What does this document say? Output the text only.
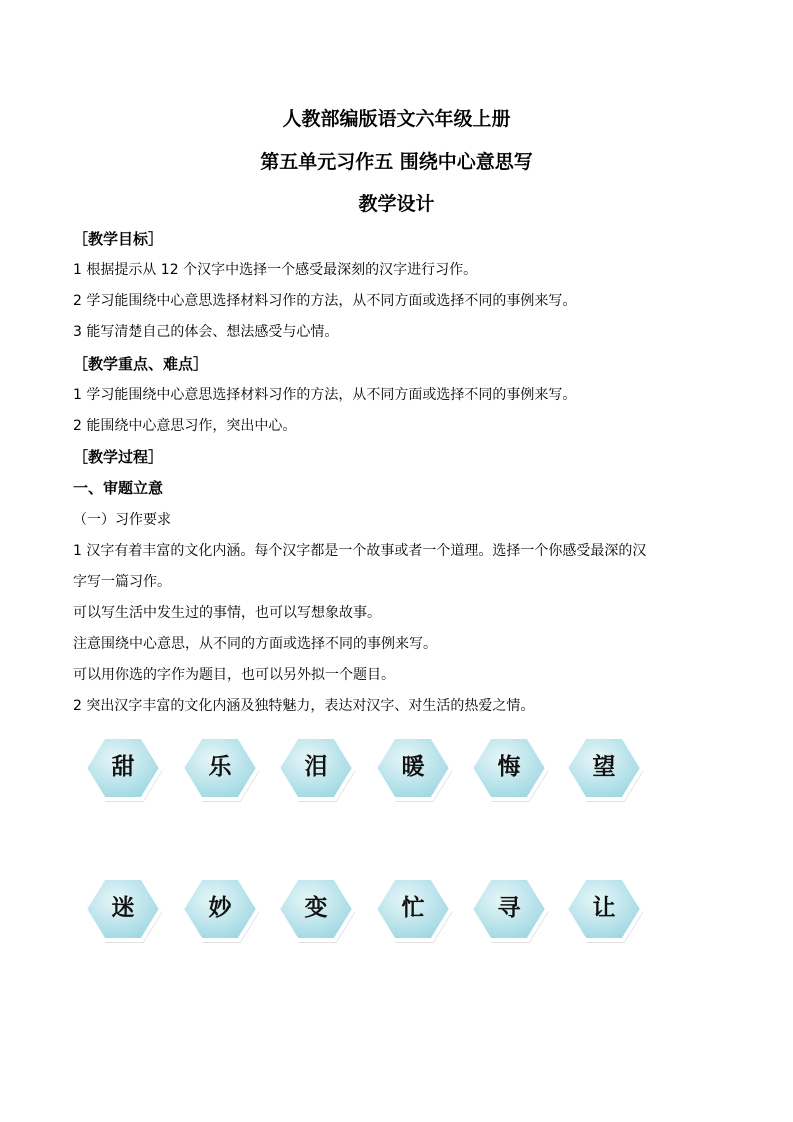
人教部编版语文六年级上册
第五单元习作五 围绕中心意思写
教学设计
［教学目标］
1 根据提示从 12 个汉字中选择一个感受最深刻的汉字进行习作。
2 学习能围绕中心意思选择材料习作的方法，从不同方面或选择不同的事例来写。
3 能写清楚自己的体会、想法感受与心情。
［教学重点、难点］
1 学习能围绕中心意思选择材料习作的方法，从不同方面或选择不同的事例来写。
2 能围绕中心意思习作，突出中心。
［教学过程］
一、审题立意
（一）习作要求
1 汉字有着丰富的文化内涵。每个汉字都是一个故事或者一个道理。选择一个你感受最深的汉
字写一篇习作。
可以写生活中发生过的事情，也可以写想象故事。
注意围绕中心意思，从不同的方面或选择不同的事例来写。
可以用你选的字作为题目，也可以另外拟一个题目。
2 突出汉字丰富的文化内涵及独特魅力，表达对汉字、对生活的热爱之情。
甜	乐	泪	暖	悔	望
迷	妙	变	忙	寻	让
